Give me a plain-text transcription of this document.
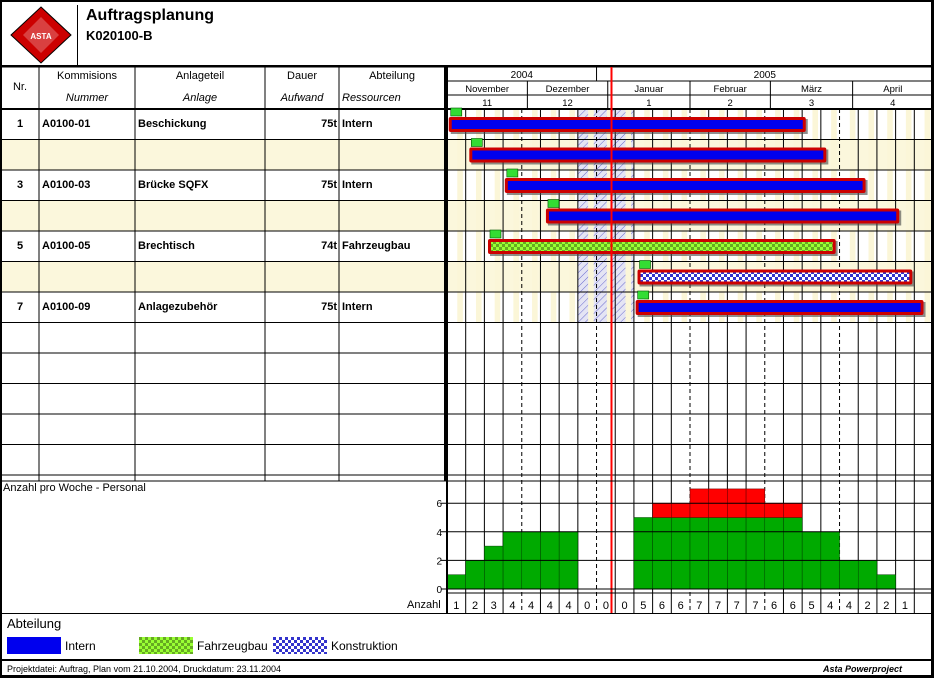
ASTA
Auftragsplanung
K020100-B
Nr.
Kommisions
Nummer
Anlageteil
Anlage
Dauer
Aufwand
Abteilung
Ressourcen
1	A0100-01	Beschickung	75t Intern
3	A0100-03	Brücke SQFX	75t Intern
5	A0100-05	Brechtisch	74t Fahrzeugbau
7	A0100-09	Anlagezubehör	75t Intern
2004	2005
November
11
Dezember
12
Januar
1
Februar
2
März
3
April
4
0
2
4
6
1 2 3 4 4 4 4 0 0 0 5 6 6 7 7 7 7 6 6 5 4 4 2 2 1
Anzahl pro Woche - Personal
Anzahl
Abteilung
Intern	Fahrzeugbau	Konstruktion
Projektdatei: Auftrag, Plan vom 21.10.2004, Druckdatum: 23.11.2004	Asta Powerproject
